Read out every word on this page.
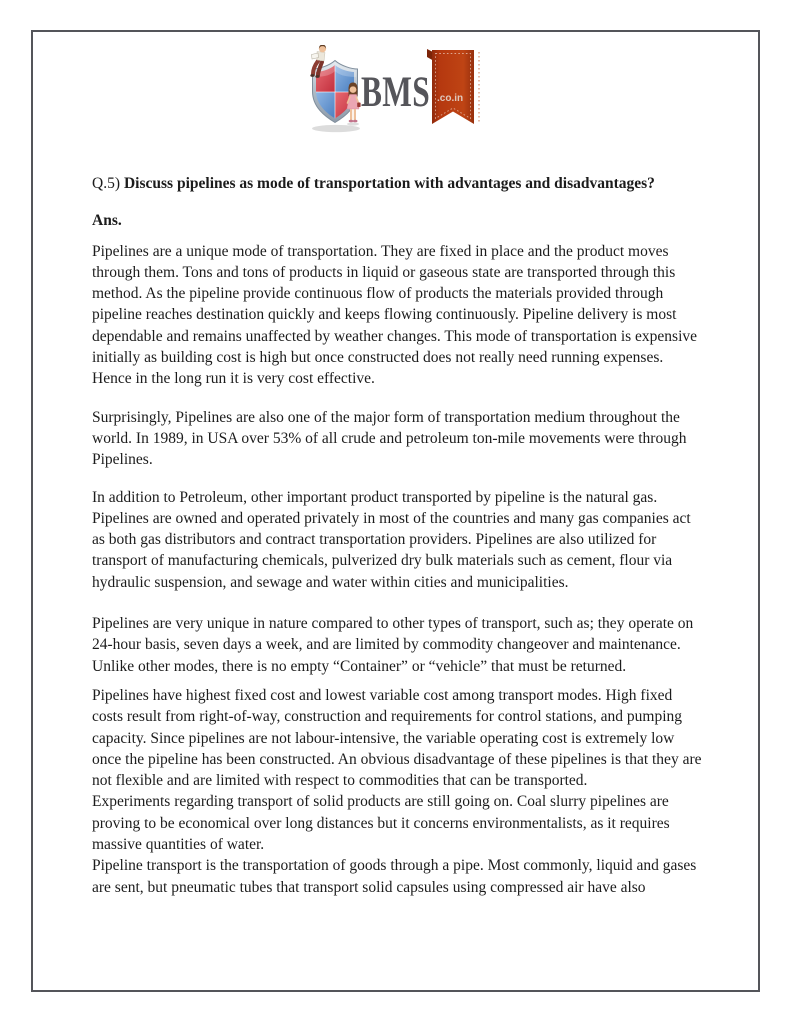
BMS .co.in

Q.5) Discuss pipelines as mode of transportation with advantages and disadvantages?

Ans.

Pipelines are a unique mode of transportation. They are fixed in place and the product moves through them. Tons and tons of products in liquid or gaseous state are transported through this method. As the pipeline provide continuous flow of products the materials provided through pipeline reaches destination quickly and keeps flowing continuously. Pipeline delivery is most dependable and remains unaffected by weather changes. This mode of transportation is expensive initially as building cost is high but once constructed does not really need running expenses. Hence in the long run it is very cost effective.

Surprisingly, Pipelines are also one of the major form of transportation medium throughout the world. In 1989, in USA over 53% of all crude and petroleum ton-mile movements were through Pipelines.

In addition to Petroleum, other important product transported by pipeline is the natural gas. Pipelines are owned and operated privately in most of the countries and many gas companies act as both gas distributors and contract transportation providers. Pipelines are also utilized for transport of manufacturing chemicals, pulverized dry bulk materials such as cement, flour via hydraulic suspension, and sewage and water within cities and municipalities.

Pipelines are very unique in nature compared to other types of transport, such as; they operate on 24-hour basis, seven days a week, and are limited by commodity changeover and maintenance. Unlike other modes, there is no empty “Container” or “vehicle” that must be returned.

Pipelines have highest fixed cost and lowest variable cost among transport modes. High fixed costs result from right-of-way, construction and requirements for control stations, and pumping capacity. Since pipelines are not labour-intensive, the variable operating cost is extremely low once the pipeline has been constructed. An obvious disadvantage of these pipelines is that they are not flexible and are limited with respect to commodities that can be transported.

Experiments regarding transport of solid products are still going on. Coal slurry pipelines are proving to be economical over long distances but it concerns environmentalists, as it requires massive quantities of water.

Pipeline transport is the transportation of goods through a pipe. Most commonly, liquid and gases are sent, but pneumatic tubes that transport solid capsules using compressed air have also
